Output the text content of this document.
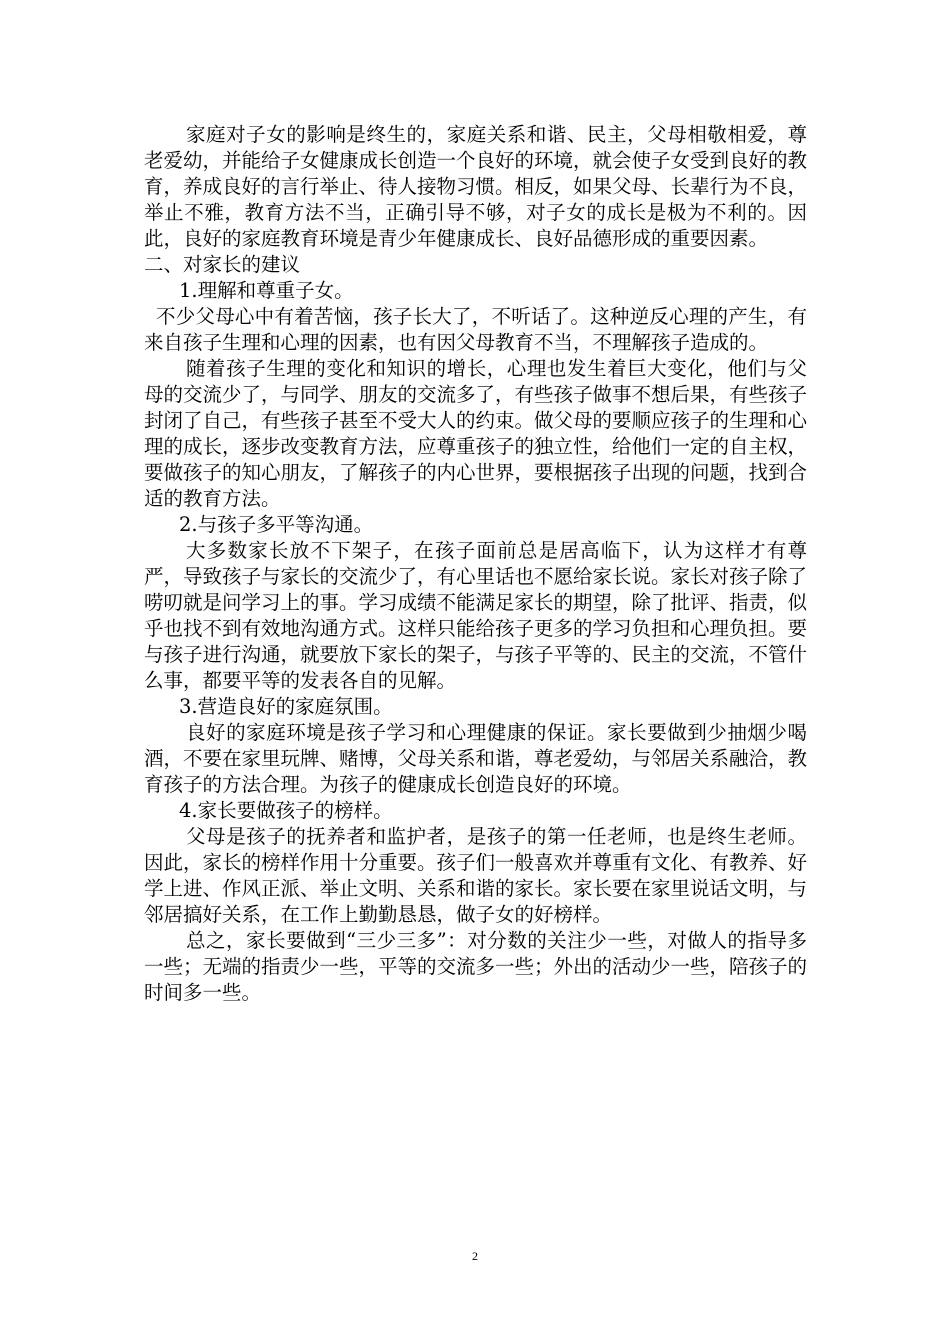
家庭对子女的影响是终生的，家庭关系和谐、民主，父母相敬相爱，尊老爱幼，并能给子女健康成长创造一个良好的环境，就会使子女受到良好的教育，养成良好的言行举止、待人接物习惯。相反，如果父母、长辈行为不良，举止不雅，教育方法不当，正确引导不够，对子女的成长是极为不利的。因此，良好的家庭教育环境是青少年健康成长、良好品德形成的重要因素。

二、对家长的建议

1.理解和尊重子女。

不少父母心中有着苦恼，孩子长大了，不听话了。这种逆反心理的产生，有来自孩子生理和心理的因素，也有因父母教育不当，不理解孩子造成的。

随着孩子生理的变化和知识的增长，心理也发生着巨大变化，他们与父母的交流少了，与同学、朋友的交流多了，有些孩子做事不想后果，有些孩子封闭了自己，有些孩子甚至不受大人的约束。做父母的要顺应孩子的生理和心理的成长，逐步改变教育方法，应尊重孩子的独立性，给他们一定的自主权，要做孩子的知心朋友，了解孩子的内心世界，要根据孩子出现的问题，找到合适的教育方法。

2.与孩子多平等沟通。

大多数家长放不下架子，在孩子面前总是居高临下，认为这样才有尊严，导致孩子与家长的交流少了，有心里话也不愿给家长说。家长对孩子除了唠叨就是问学习上的事。学习成绩不能满足家长的期望，除了批评、指责，似乎也找不到有效地沟通方式。这样只能给孩子更多的学习负担和心理负担。要与孩子进行沟通，就要放下家长的架子，与孩子平等的、民主的交流，不管什么事，都要平等的发表各自的见解。

3.营造良好的家庭氛围。

良好的家庭环境是孩子学习和心理健康的保证。家长要做到少抽烟少喝酒，不要在家里玩牌、赌博，父母关系和谐，尊老爱幼，与邻居关系融洽，教育孩子的方法合理。为孩子的健康成长创造良好的环境。

4.家长要做孩子的榜样。

父母是孩子的抚养者和监护者，是孩子的第一任老师，也是终生老师。因此，家长的榜样作用十分重要。孩子们一般喜欢并尊重有文化、有教养、好学上进、作风正派、举止文明、关系和谐的家长。家长要在家里说话文明，与邻居搞好关系，在工作上勤勤恳恳，做子女的好榜样。

总之，家长要做到“三少三多”：对分数的关注少一些，对做人的指导多一些；无端的指责少一些，平等的交流多一些；外出的活动少一些，陪孩子的时间多一些。

2
